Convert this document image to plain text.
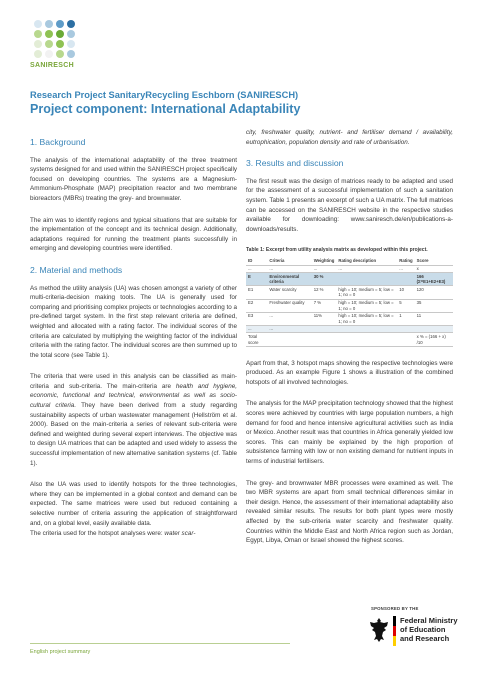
SANIRESCH
Research Project SanitaryRecycling Eschborn (SANIRESCH)
Project component: International Adaptability
1. Background

The analysis of the international adaptability of the three treatment systems designed for and used within the SANIRESCH project specifically focused on developing countries. The systems are a Magnesium-Ammonium-Phosphate (MAP) precipitation reactor and two membrane bioreactors (MBRs) treating the grey- and brownwater.

The aim was to identify regions and typical situations that are suitable for the implementation of the concept and its technical design. Additionally, adaptations required for running the treatment plants successfully in emerging and developing countries were identified.

2. Material and methods

As method the utility analysis (UA) was chosen amongst a variety of other multi-criteria-decision making tools. The UA is generally used for comparing and prioritising complex projects or technologies according to a pre-defined target system. In the first step relevant criteria are defined, weighted and allocated with a rating factor. The individual scores of the criteria are calculated by multiplying the weighting factor of the individual criteria with the rating factor. The individual scores are then summed up to the total score (see Table 1).

The criteria that were used in this analysis can be classified as main-criteria and sub-criteria. The main-criteria are health and hygiene, economic, functional and technical, environmental as well as socio-cultural criteria. They have been derived from a study regarding sustainability aspects of urban wastewater management (Hellström et al. 2000). Based on the main-criteria a series of relevant sub-criteria were defined and weighted during several expert interviews. The objective was to design UA matrices that can be adapted and used widely to assess the successful implementation of new alternative sanitation systems (cf. Table 1).

Also the UA was used to identify hotspots for the three technologies, where they can be implemented in a global context and demand can be expected. The same matrices were used but reduced containing a selective number of criteria assuring the application of straightforward and, on a global level, easily available data.

The criteria used for the hotspot analyses were: water scar-

city, freshwater quality, nutrient- and fertiliser demand / availability, eutrophication, population density and rate of urbanisation.

3. Results and discussion

The first result was the design of matrices ready to be adapted and used for the assessment of a successful implementation of such a sanitation system. Table 1 presents an excerpt of such a UA matrix. The full matrices can be accessed on the SANIRESCH website in the respective studies available for downloading: www.saniresch.de/en/publications-a-downloads/results.

Table 1: Excerpt from utility analysis matrix as developed within this project.
ID	Criteria	Weighting	Rating description	Rating	Score
...	...	...	...	...	x
E	Environmental criteria	30 %			166 (Σ=E1+E2+E3)
E1	Water scarcity	12 %	high = 10; medium = 5; low = 1; no = 0	10	120
E2	Freshwater quality	7 %	high = 10; medium = 5; low = 1; no = 0	5	35
E3	...	11%	high = 10; medium = 5; low = 1; no = 0	1	11
...	...				
Total score					x % = (166 + x) /10

Apart from that, 3 hotspot maps showing the respective technologies were produced. As an example Figure 1 shows a illustration of the combined hotspots of all involved technologies.

The analysis for the MAP precipitation technology showed that the highest scores were achieved by countries with large population numbers, a high demand for food and hence intensive agricultural activities such as India or Mexico. Another result was that countries in Africa generally yielded low scores. This can mainly be explained by the high proportion of subsistence farming with low or non existing demand for nutrient inputs in terms of industrial fertilisers.

The grey- and brownwater MBR processes were examined as well. The two MBR systems are apart from small technical differences similar in their design. Hence, the assessment of their international adaptability also revealed similar results. The results for both plant types were mostly affected by the sub-criteria water scarcity and freshwater quality. Countries within the Middle East and North Africa region such as Jordan, Egypt, Libya, Oman or Israel showed the highest scores.

English project summary
SPONSORED BY THE
Federal Ministry
of Education
and Research
